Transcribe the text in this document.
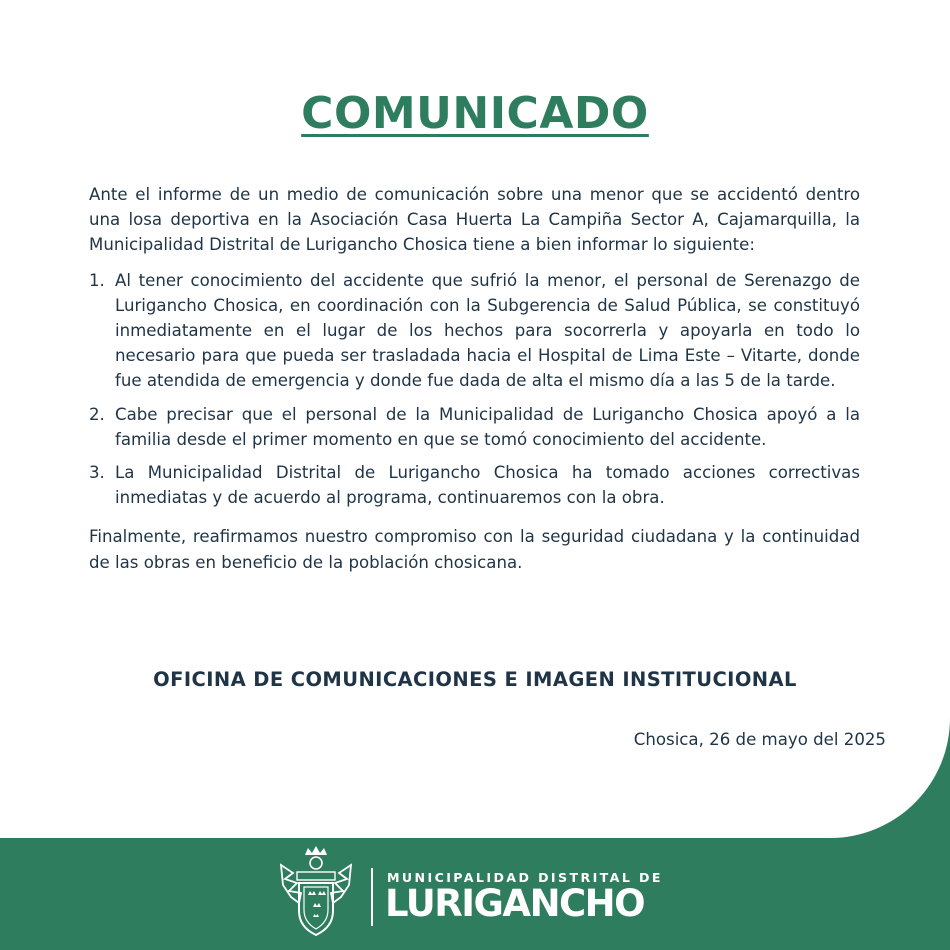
COMUNICADO

Ante el informe de un medio de comunicación sobre una menor que se accidentó dentro una losa deportiva en la Asociación Casa Huerta La Campiña Sector A, Cajamarquilla, la Municipalidad Distrital de Lurigancho Chosica tiene a bien informar lo siguiente:

1. Al tener conocimiento del accidente que sufrió la menor, el personal de Serenazgo de Lurigancho Chosica, en coordinación con la Subgerencia de Salud Pública, se constituyó inmediatamente en el lugar de los hechos para socorrerla y apoyarla en todo lo necesario para que pueda ser trasladada hacia el Hospital de Lima Este – Vitarte, donde fue atendida de emergencia y donde fue dada de alta el mismo día a las 5 de la tarde.
2. Cabe precisar que el personal de la Municipalidad de Lurigancho Chosica apoyó a la familia desde el primer momento en que se tomó conocimiento del accidente.
3. La Municipalidad Distrital de Lurigancho Chosica ha tomado acciones correctivas inmediatas y de acuerdo al programa, continuaremos con la obra.

Finalmente, reafirmamos nuestro compromiso con la seguridad ciudadana y la continuidad de las obras en beneficio de la población chosicana.

OFICINA DE COMUNICACIONES E IMAGEN INSTITUCIONAL
Chosica, 26 de mayo del 2025
MUNICIPALIDAD DISTRITAL DE
LURIGANCHO
